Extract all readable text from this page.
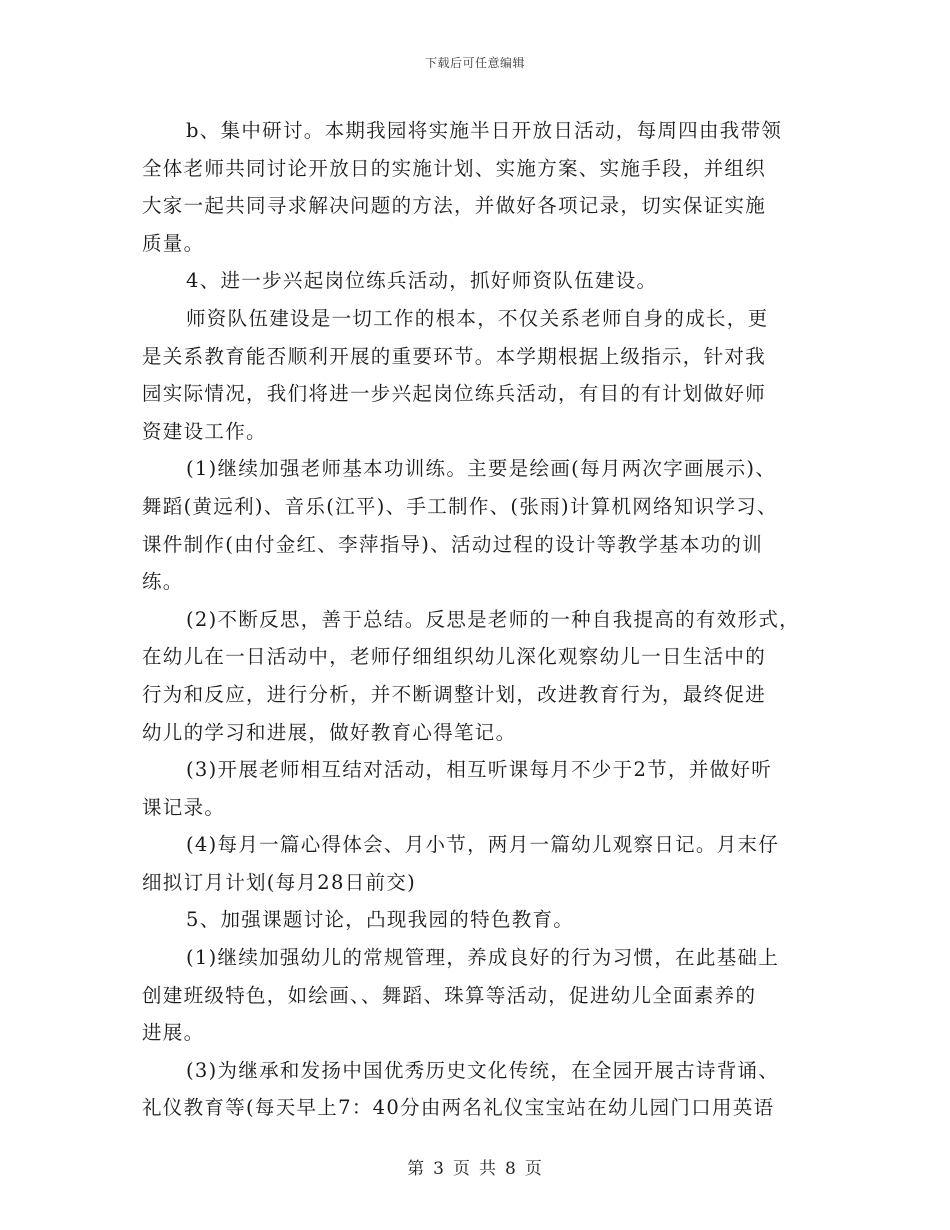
下载后可任意编辑
b、集中研讨。本期我园将实施半日开放日活动，每周四由我带领
全体老师共同讨论开放日的实施计划、实施方案、实施手段，并组织
大家一起共同寻求解决问题的方法，并做好各项记录，切实保证实施
质量。
4、进一步兴起岗位练兵活动，抓好师资队伍建设。
师资队伍建设是一切工作的根本，不仅关系老师自身的成长，更
是关系教育能否顺利开展的重要环节。本学期根据上级指示，针对我
园实际情况，我们将进一步兴起岗位练兵活动，有目的有计划做好师
资建设工作。
(1)继续加强老师基本功训练。主要是绘画(每月两次字画展示)、
舞蹈(黄远利)、音乐(江平)、手工制作、(张雨)计算机网络知识学习、
课件制作(由付金红、李萍指导)、活动过程的设计等教学基本功的训
练。
(2)不断反思，善于总结。反思是老师的一种自我提高的有效形式，
在幼儿在一日活动中，老师仔细组织幼儿深化观察幼儿一日生活中的
行为和反应，进行分析，并不断调整计划，改进教育行为，最终促进
幼儿的学习和进展，做好教育心得笔记。
(3)开展老师相互结对活动，相互听课每月不少于2节，并做好听
课记录。
(4)每月一篇心得体会、月小节，两月一篇幼儿观察日记。月末仔
细拟订月计划(每月28日前交)
5、加强课题讨论，凸现我园的特色教育。
(1)继续加强幼儿的常规管理，养成良好的行为习惯，在此基础上
创建班级特色，如绘画、、舞蹈、珠算等活动，促进幼儿全面素养的
进展。
(3)为继承和发扬中国优秀历史文化传统，在全园开展古诗背诵、
礼仪教育等(每天早上7：40分由两名礼仪宝宝站在幼儿园门口用英语
第 3 页 共 8 页
